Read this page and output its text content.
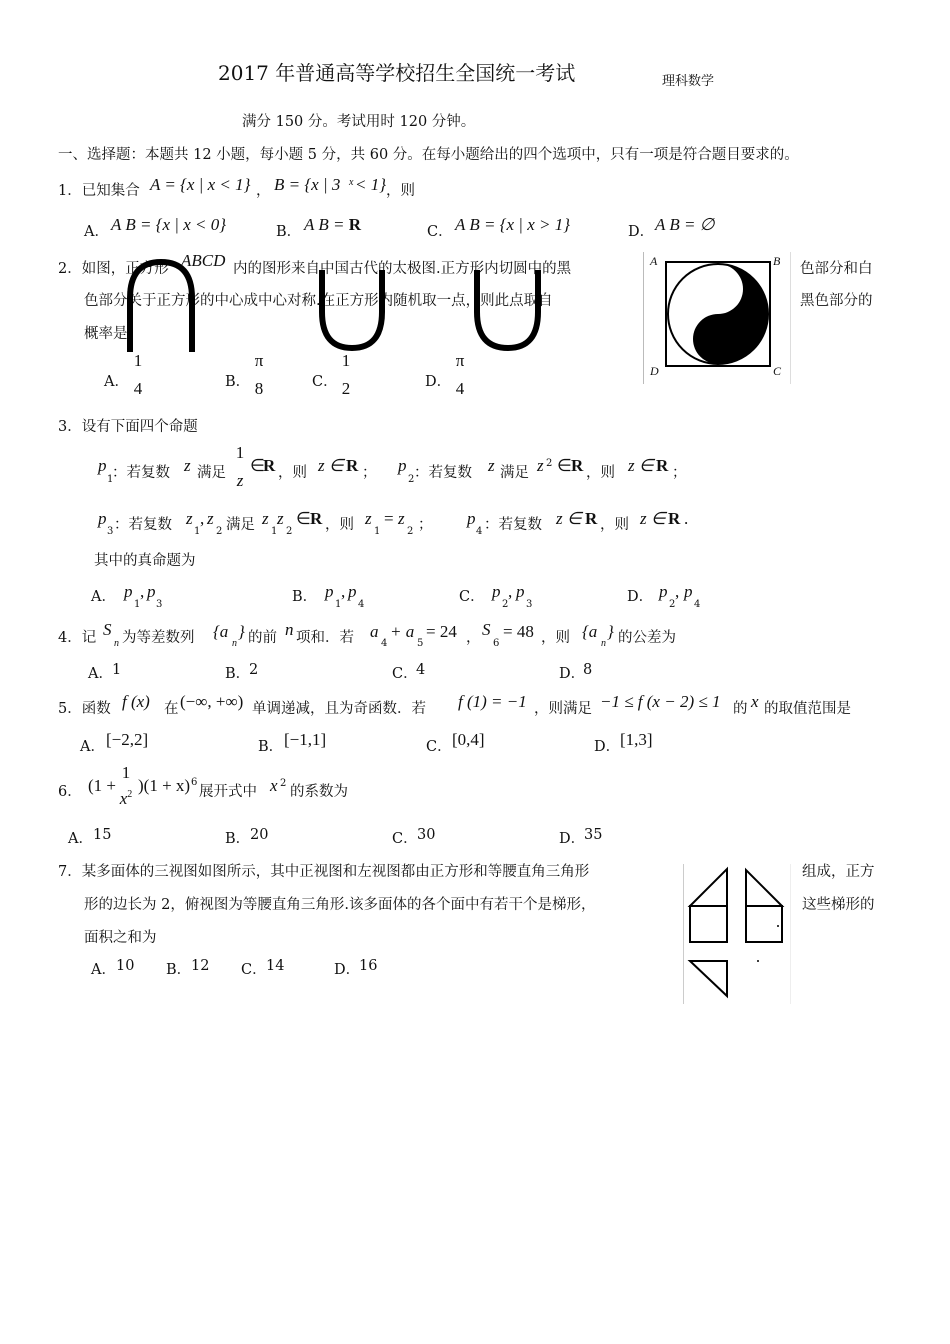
2017 年普通高等学校招生全国统一考试	理科数学
满分 150 分。考试用时 120 分钟。
一、选择题：本题共 12 小题，每小题 5 分，共 60 分。在每小题给出的四个选项中，只有一项是符合题目要求的。
1．已知集合 A = {x | x < 1} ， B = {x | 3 x < 1} ，则
A． A B = {x | x < 0}	B． A B = R	C． A B = {x | x > 1}	D． A B = ∅
2．如图，正方形 ABCD 内的图形来自中国古代的太极图.正方形内切圆中的黑	色部分和白
色部分关于正方形的中心成中心对称.在正方形内随机取一点，则此点取自	黑色部分的
概率是
A．
1
4	B．
π
8	C．
1
2	D．
π
4
A	B
C
D
3．设有下面四个命题
p
1
：若复数 z 满足
1
z
∈
R ，则 z ∈ R ； p
2 ：若复数 z 满足 z 2 ∈ R ，则 z ∈ R ；
p
3 ：若复数 z
1
, z
2 满足 z
1
z
2
∈ R ，则 z
1
= z
2 ； p
4 ：若复数 z ∈ R ，则 z ∈ R .
其中的真命题为
A． p
1
, p
3	B． p
1
, p
4	C． p
2
, p
3	D． p
2
, p
4
4．记 S
n 为等差数列 {a
n
} 的前 n 项和．若 a
4
+ a
5
= 24 ， S
6
= 48 ，则 {a
n
} 的公差为
A． 1	B．
2	C．
4	D．
8
5．函数 f (x) 在 (−∞, +∞) 单调递减，且为奇函数．若 f (1) = −1 ，则满足 −1 ≤ f (x − 2) ≤ 1 的 x 的取值范围是
A． [−2,2]	B． [−1,1]	C． [0,4]	D． [1,3]
6． (1 +
1
$x^2$ )(1 + x) 6
展开式中 x 2
的系数为
A． 15	B． 20	C． 30	D．
35
7．某多面体的三视图如图所示，其中正视图和左视图都由正方形和等腰直角三角形	组成，正方
形的边长为 2，俯视图为等腰直角三角形.该多面体的各个面中有若干个是梯形，	这些梯形的
面积之和为
A． 10 B． 12 C． 14	D．
16
